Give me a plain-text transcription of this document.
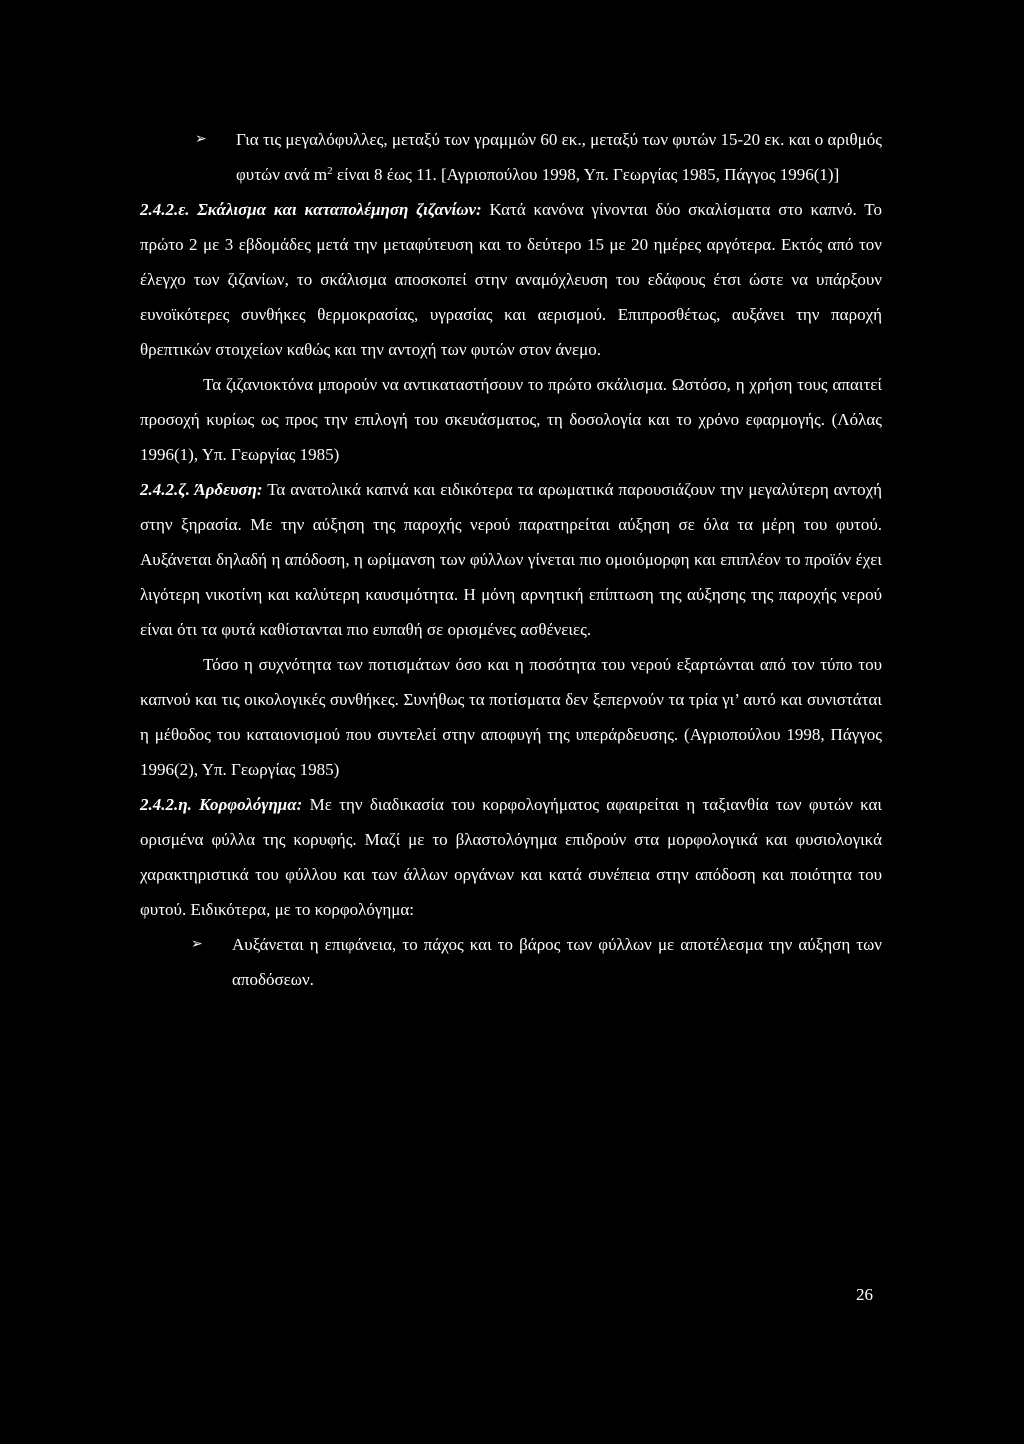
➢	Για τις μεγαλόφυλλες, μεταξύ των γραμμών 60 εκ., μεταξύ των φυτών 15-20 εκ. και ο αριθμός φυτών ανά $m^2$ είναι 8 έως 11. [Αγριοπούλου 1998, Υπ. Γεωργίας 1985, Πάγγος 1996(1)]

2.4.2.ε. Σκάλισμα και καταπολέμηση ζιζανίων: Κατά κανόνα γίνονται δύο σκαλίσματα στο καπνό. Το πρώτο 2 με 3 εβδομάδες μετά την μεταφύτευση και το δεύτερο 15 με 20 ημέρες αργότερα. Εκτός από τον έλεγχο των ζιζανίων, το σκάλισμα αποσκοπεί στην αναμόχλευση του εδάφους έτσι ώστε να υπάρξουν ευνοϊκότερες συνθήκες θερμοκρασίας, υγρασίας και αερισμού. Επιπροσθέτως, αυξάνει την παροχή θρεπτικών στοιχείων καθώς και την αντοχή των φυτών στον άνεμο.

Τα ζιζανιοκτόνα μπορούν να αντικαταστήσουν το πρώτο σκάλισμα. Ωστόσο, η χρήση τους απαιτεί προσοχή κυρίως ως προς την επιλογή του σκευάσματος, τη δοσολογία και το χρόνο εφαρμογής. (Λόλας 1996(1), Υπ. Γεωργίας 1985)

2.4.2.ζ. Άρδευση: Τα ανατολικά καπνά και ειδικότερα τα αρωματικά παρουσιάζουν την μεγαλύτερη αντοχή στην ξηρασία. Με την αύξηση της παροχής νερού παρατηρείται αύξηση σε όλα τα μέρη του φυτού. Αυξάνεται δηλαδή η απόδοση, η ωρίμανση των φύλλων γίνεται πιο ομοιόμορφη και επιπλέον το προϊόν έχει λιγότερη νικοτίνη και καλύτερη καυσιμότητα. Η μόνη αρνητική επίπτωση της αύξησης της παροχής νερού είναι ότι τα φυτά καθίστανται πιο ευπαθή σε ορισμένες ασθένειες.

Τόσο η συχνότητα των ποτισμάτων όσο και η ποσότητα του νερού εξαρτώνται από τον τύπο του καπνού και τις οικολογικές συνθήκες. Συνήθως τα ποτίσματα δεν ξεπερνούν τα τρία γι’ αυτό και συνιστάται η μέθοδος του καταιονισμού που συντελεί στην αποφυγή της υπεράρδευσης. (Αγριοπούλου 1998, Πάγγος 1996(2), Υπ. Γεωργίας 1985)

2.4.2.η. Κορφολόγημα: Με την διαδικασία του κορφολογήματος αφαιρείται η ταξιανθία των φυτών και ορισμένα φύλλα της κορυφής. Μαζί με το βλαστολόγημα επιδρούν στα μορφολογικά και φυσιολογικά χαρακτηριστικά του φύλλου και των άλλων οργάνων και κατά συνέπεια στην απόδοση και ποιότητα του φυτού. Ειδικότερα, με το κορφολόγημα:

➢	Αυξάνεται η επιφάνεια, το πάχος και το βάρος των φύλλων με αποτέλεσμα την αύξηση των αποδόσεων.
26
